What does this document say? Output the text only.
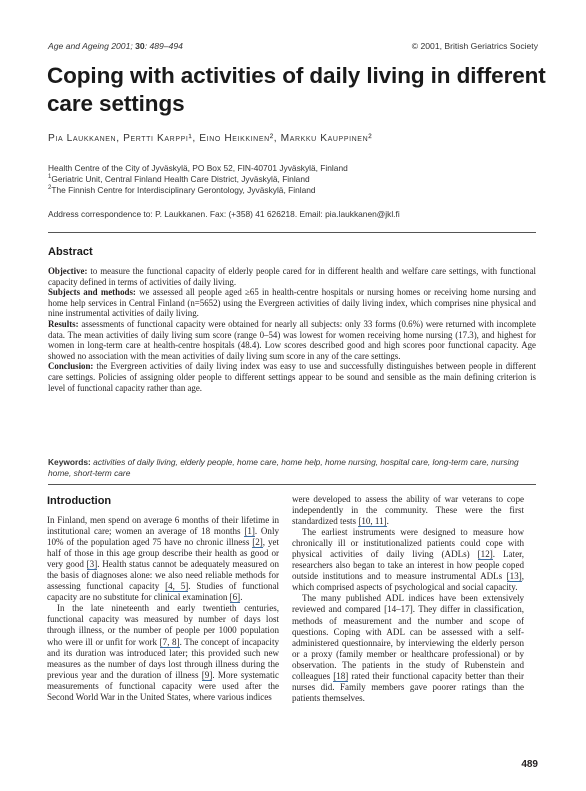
Age and Ageing 2001; 30: 489–494	© 2001, British Geriatrics Society
Coping with activities of daily living in different care settings
Pia Laukkanen, Pertti Karppi¹, Eino Heikkinen², Markku Kauppinen²
Health Centre of the City of Jyväskylä, PO Box 52, FIN-40701 Jyväskylä, Finland
$^1$Geriatric Unit, Central Finland Health Care District, Jyväskylä, Finland
$^2$The Finnish Centre for Interdisciplinary Gerontology, Jyväskylä, Finland
Address correspondence to: P. Laukkanen. Fax: (+358) 41 626218. Email: pia.laukkanen@jkl.fi
Abstract

Objective: to measure the functional capacity of elderly people cared for in different health and welfare care settings, with functional capacity defined in terms of activities of daily living.

Subjects and methods: we assessed all people aged ≥65 in health-centre hospitals or nursing homes or receiving home nursing and home help services in Central Finland (n=5652) using the Evergreen activities of daily living index, which comprises nine physical and nine instrumental activities of daily living.

Results: assessments of functional capacity were obtained for nearly all subjects: only 33 forms (0.6%) were returned with incomplete data. The mean activities of daily living sum score (range 0–54) was lowest for women receiving home nursing (17.3), and highest for women in long-term care at health-centre hospitals (48.4). Low scores described good and high scores poor functional capacity. Age showed no association with the mean activities of daily living sum score in any of the care settings.

Conclusion: the Evergreen activities of daily living index was easy to use and successfully distinguishes between people in different care settings. Policies of assigning older people to different settings appear to be sound and sensible as the main defining criterion is level of functional capacity rather than age.

Keywords: activities of daily living, elderly people, home care, home help, home nursing, hospital care, long-term care, nursing home, short-term care
Introduction

In Finland, men spend on average 6 months of their lifetime in institutional care; women an average of 18 months [1]. Only 10% of the population aged 75 have no chronic illness [2], yet half of those in this age group describe their health as good or very good [3]. Health status cannot be adequately measured on the basis of diagnoses alone: we also need reliable methods for assessing functional capacity [4, 5]. Studies of functional capacity are no substitute for clinical examination [6].

In the late nineteenth and early twentieth centuries, functional capacity was measured by number of days lost through illness, or the number of people per 1000 population who were ill or unfit for work [7, 8]. The concept of incapacity and its duration was introduced later; this provided such new measures as the number of days lost through illness during the previous year and the duration of illness [9]. More systematic measurements of functional capacity were used after the Second World War in the United States, where various indices

were developed to assess the ability of war veterans to cope independently in the community. These were the first standardized tests [10, 11].

The earliest instruments were designed to measure how chronically ill or institutionalized patients could cope with physical activities of daily living (ADLs) [12]. Later, researchers also began to take an interest in how people coped outside institutions and to measure instrumental ADLs [13], which comprised aspects of psychological and social capacity.

The many published ADL indices have been extensively reviewed and compared [14–17]. They differ in classification, methods of measurement and the number and scope of questions. Coping with ADL can be assessed with a self-administered questionnaire, by interviewing the elderly person or a proxy (family member or healthcare professional) or by observation. The patients in the study of Rubenstein and colleagues [18] rated their functional capacity better than their nurses did. Family members gave poorer ratings than the patients themselves.

489
